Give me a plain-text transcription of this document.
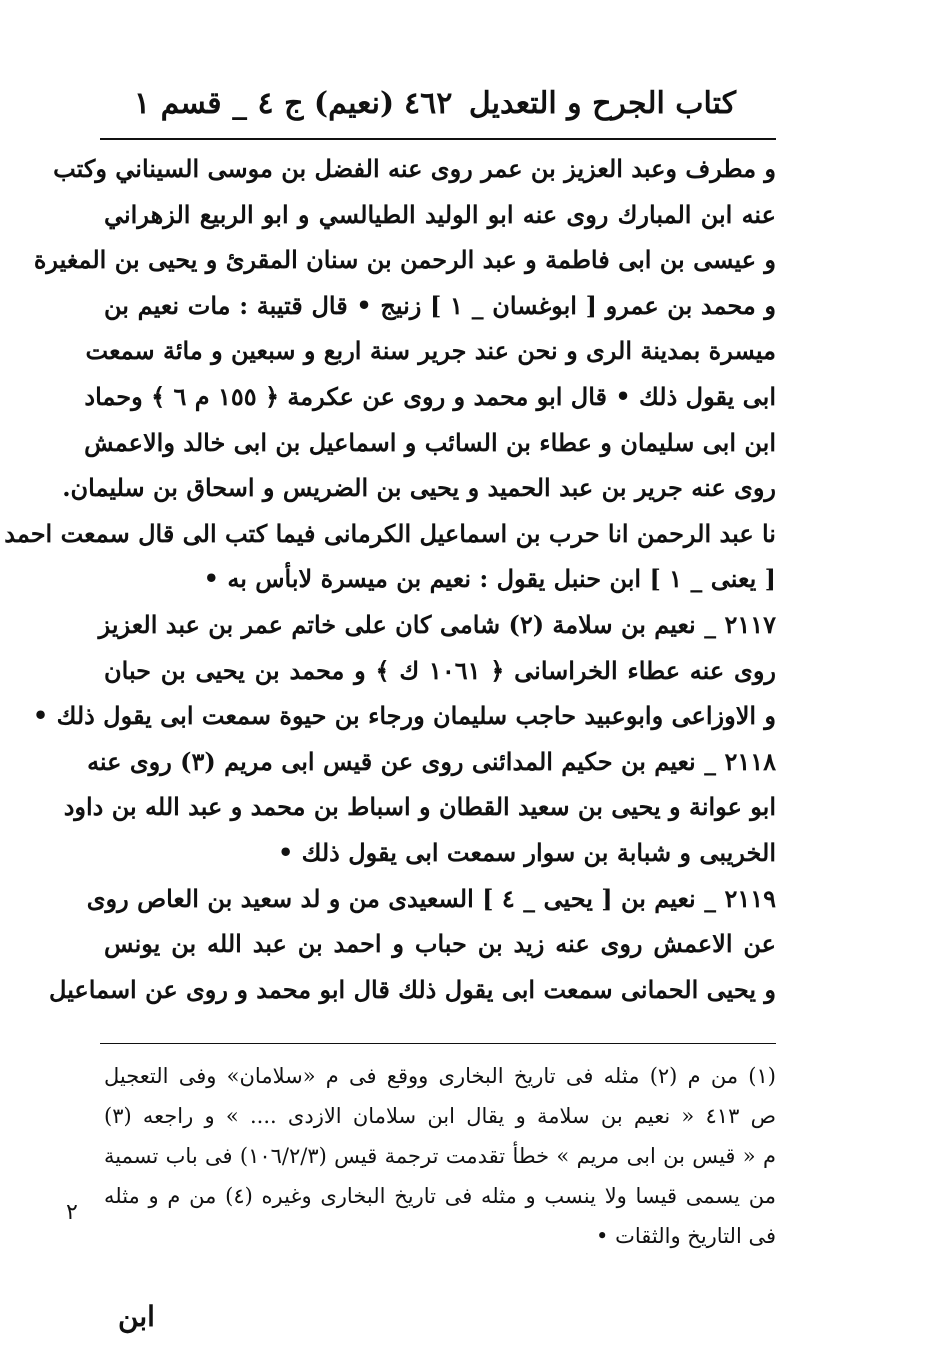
كتاب الجرح و التعديل
٤٦٢
(نعيم) ج ٤ _ قسم ١
و مطرف وعبد العزيز بن عمر روى عنه الفضل بن موسى السيناني وكتب
عنه ابن المبارك روى عنه ابو الوليد الطيالسي و ابو الربيع الزهراني
و عيسى بن ابى فاطمة و عبد الرحمن بن سنان المقرئ و يحيى بن المغيرة
و محمد بن عمرو [ ابوغسان _ ١ ] زنيج • قال قتيبة : مات نعيم بن
ميسرة بمدينة الرى و نحن عند جرير سنة اربع و سبعين و مائة سمعت
ابى يقول ذلك • قال ابو محمد و روى عن عكرمة ﴿ ١٥٥ م ٦ ﴾ وحماد
ابن ابى سليمان و عطاء بن السائب و اسماعيل بن ابى خالد والاعمش
روى عنه جرير بن عبد الحميد و يحيى بن الضريس و اسحاق بن سليمان.
نا عبد الرحمن انا حرب بن اسماعيل الكرمانى فيما كتب الى قال سمعت احمد
[ يعنى _ ١ ] ابن حنبل يقول : نعيم بن ميسرة لابأس به •
٢١١٧ _ نعيم بن سلامة (٢) شامى كان على خاتم عمر بن عبد العزيز
روى عنه عطاء الخراسانى ﴿ ١٠٦١ ك ﴾ و محمد بن يحيى بن حبان
و الاوزاعى وابوعبيد حاجب سليمان ورجاء بن حيوة سمعت ابى يقول ذلك •
٢١١٨ _ نعيم بن حكيم المدائنى روى عن قيس ابى مريم (٣) روى عنه
ابو عوانة و يحيى بن سعيد القطان و اسباط بن محمد و عبد الله بن داود
الخريبى و شبابة بن سوار سمعت ابى يقول ذلك •
٢١١٩ _ نعيم بن [ يحيى _ ٤ ] السعيدى من و لد سعيد بن العاص روى
عن الاعمش روى عنه زيد بن حباب و احمد بن عبد الله بن يونس
و يحيى الحمانى سمعت ابى يقول ذلك قال ابو محمد و روى عن اسماعيل
(١) من م (٢) مثله فى تاريخ البخارى ووقع فى م «سلامان» وفى التعجيل
ص ٤١٣ « نعيم بن سلامة و يقال ابن سلامان الازدى .... » و راجعه (٣)
م « قيس بن ابى مريم » خطأ تقدمت ترجمة قيس (١٠٦/٢/٣) فى باب تسمية
من يسمى قيسا ولا ينسب و مثله فى تاريخ البخارى وغيره (٤) من م و مثله
فى التاريخ والثقات •
٢
ابن
